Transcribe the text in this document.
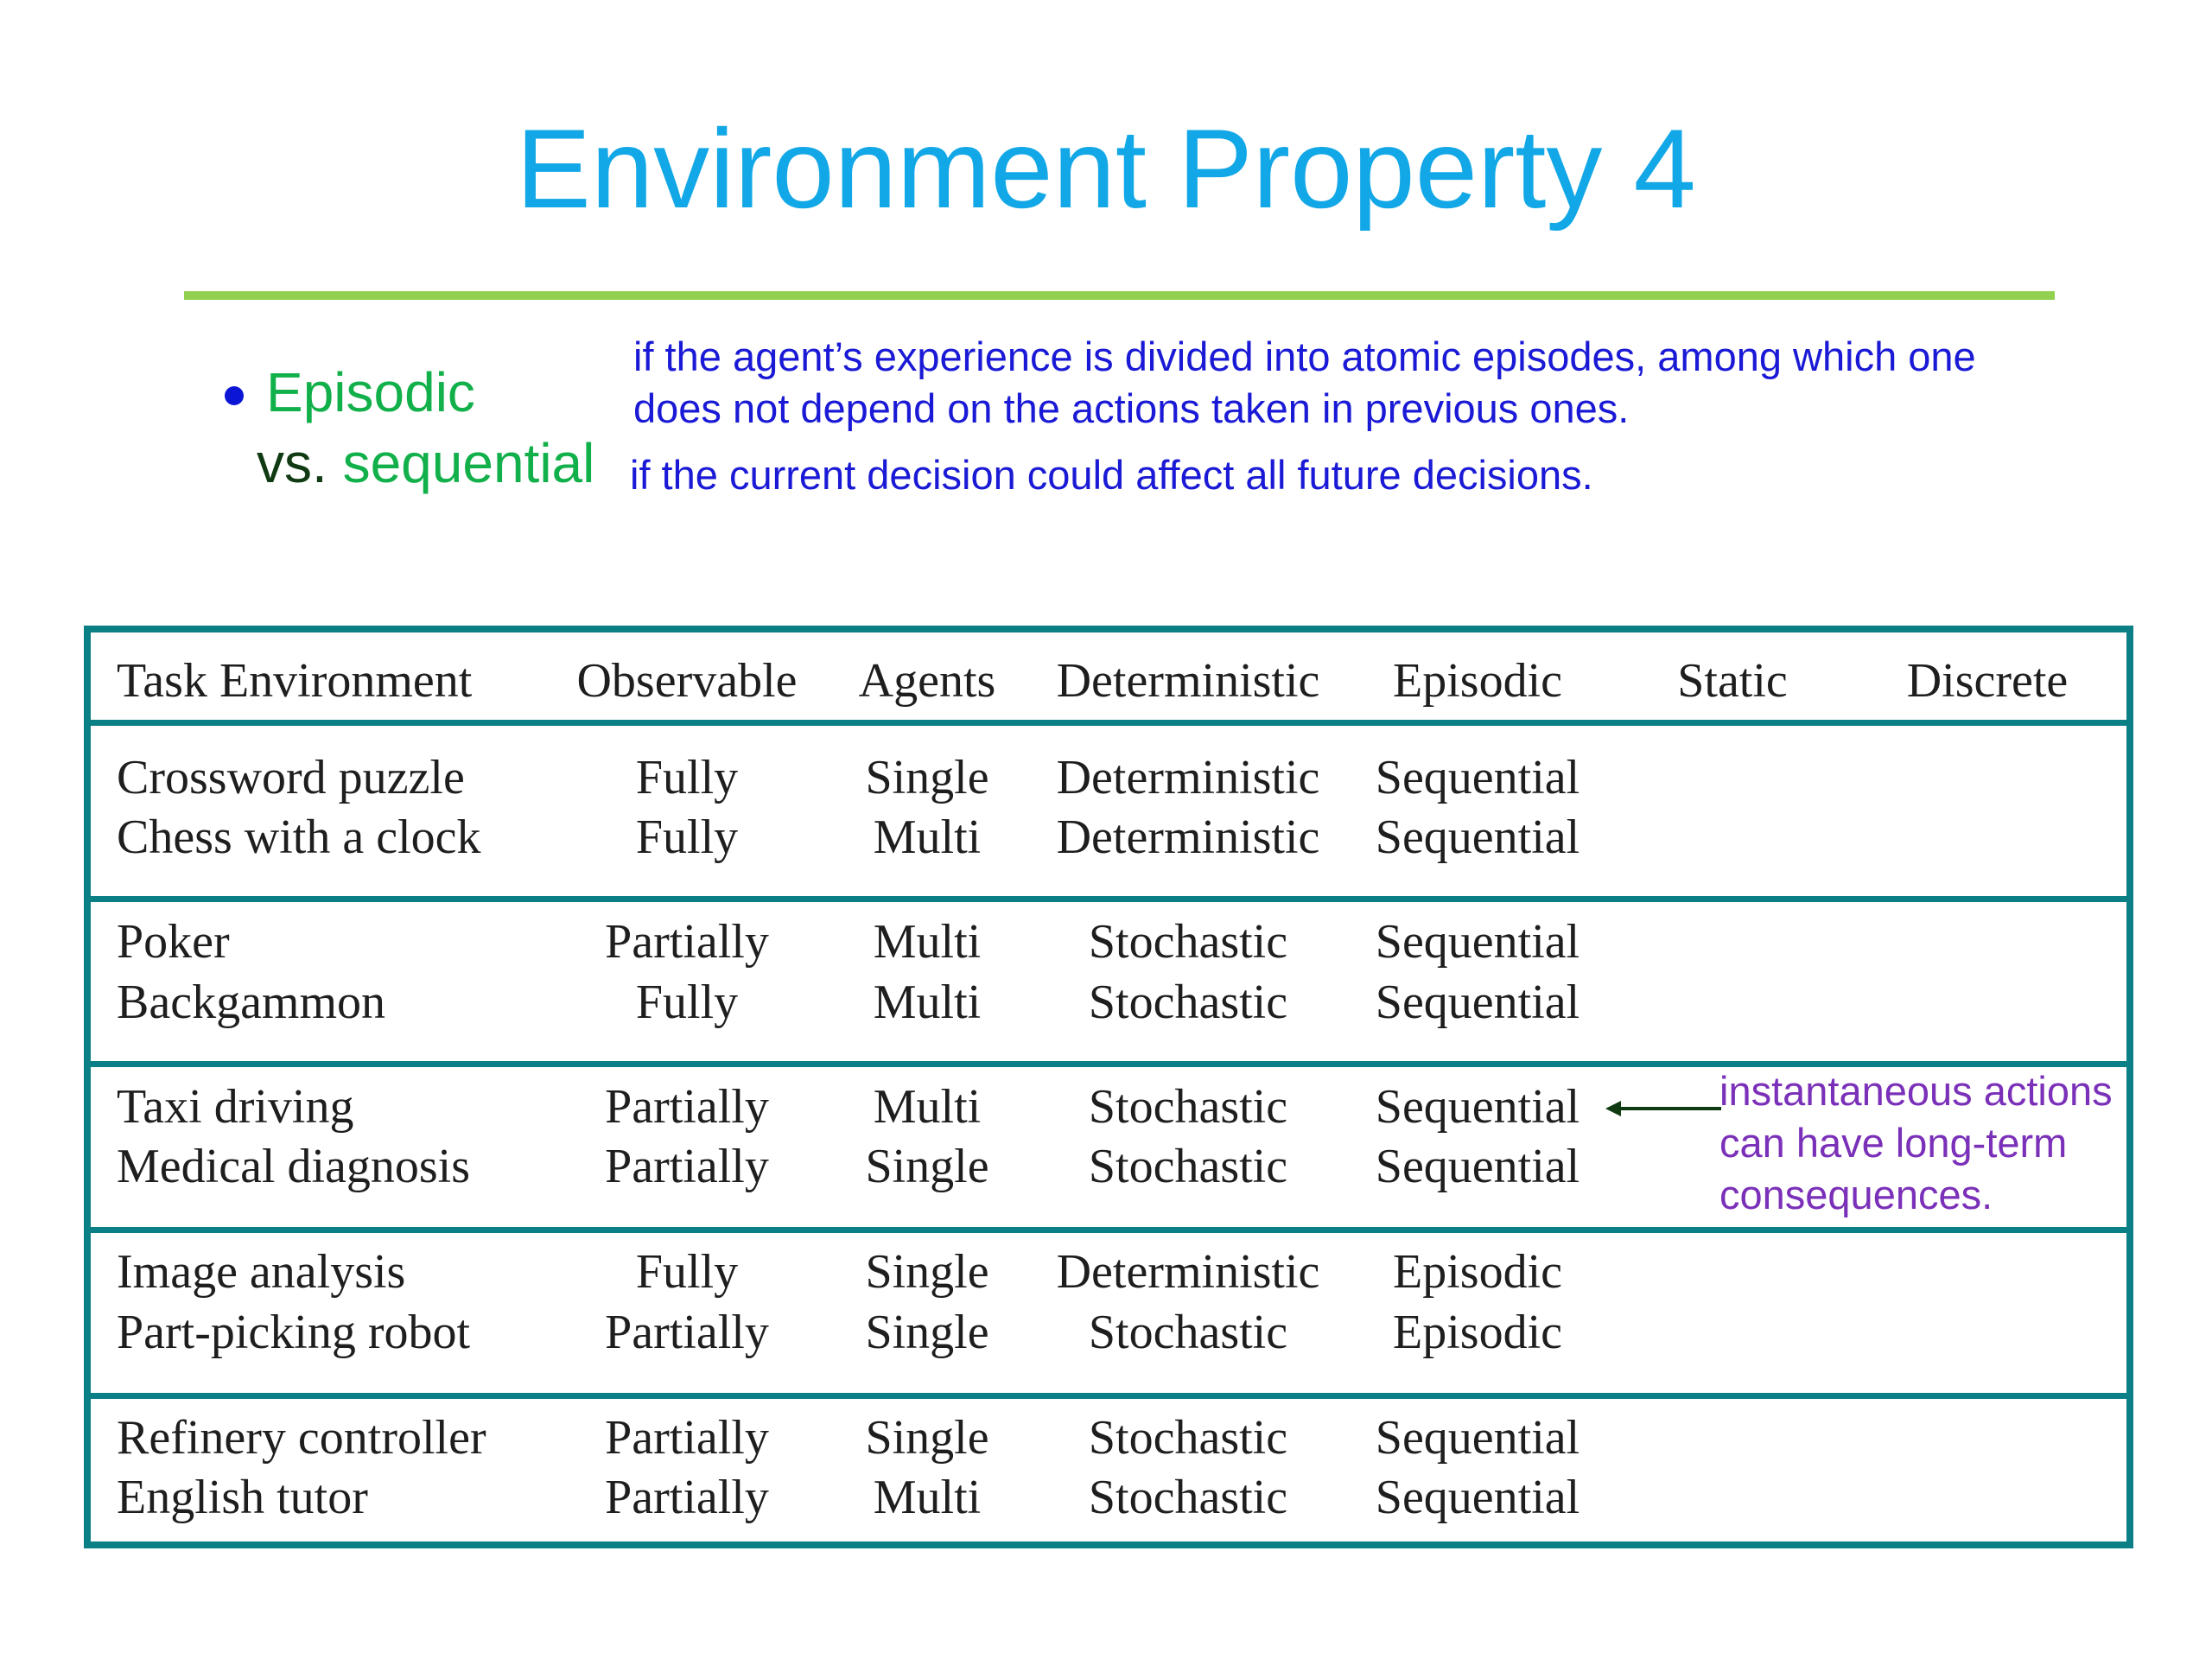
Environment Property 4
Episodic
vs. sequential
if the agent’s experience is divided into atomic episodes, among which one
does not depend on the actions taken in previous ones.
if the current decision could affect all future decisions.
Task Environment Observable Agents Deterministic Episodic Static Discrete
Crossword puzzle	Fully	Single Deterministic Sequential
Chess with a clock	Fully	Multi Deterministic Sequential
Poker	Partially Multi Stochastic Sequential
Backgammon	Fully	Multi Stochastic Sequential
Taxi driving	Partially Multi Stochastic Sequential
Medical diagnosis	Partially Single Stochastic Sequential
Image analysis	Fully	Single Deterministic Episodic
Part-picking robot	Partially Single Stochastic Episodic
Refinery controller Partially Single Stochastic Sequential
English tutor	Partially Multi Stochastic Sequential
instantaneous actions
can have long-term
consequences.
